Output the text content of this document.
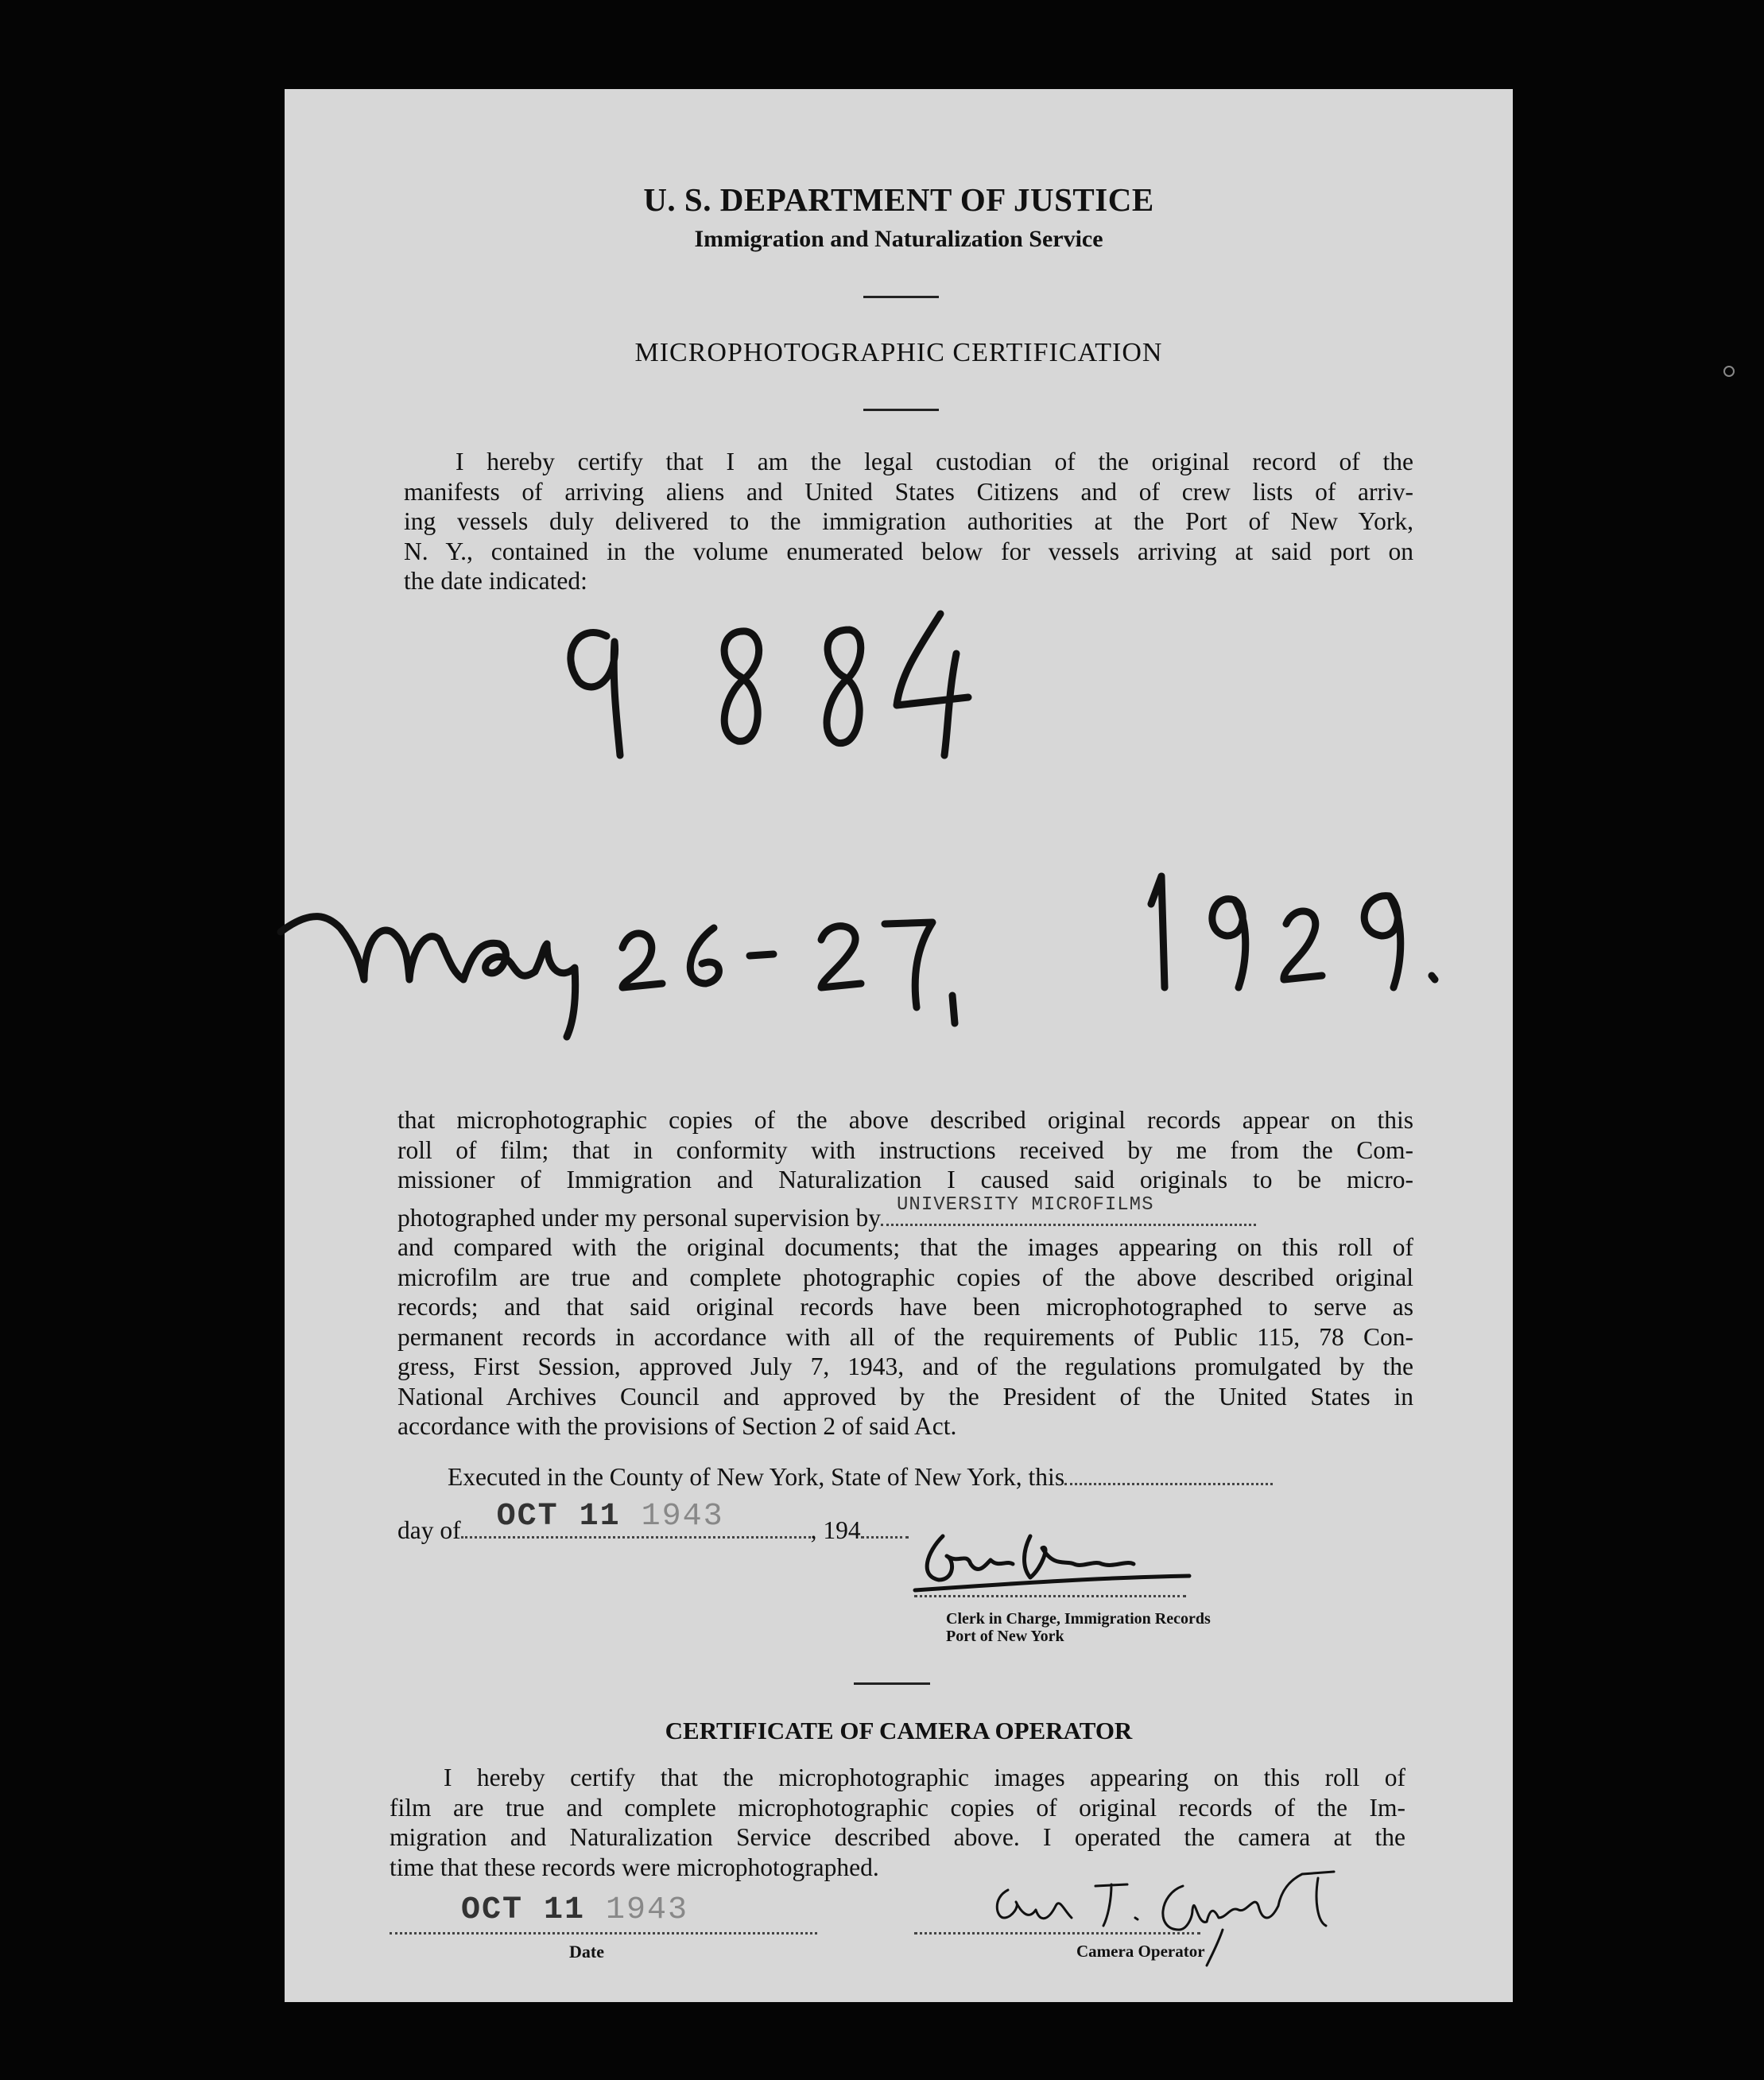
U. S. DEPARTMENT OF JUSTICE
Immigration and Naturalization Service
MICROPHOTOGRAPHIC CERTIFICATION
I hereby certify that I am the legal custodian of the original record of the
manifests of arriving aliens and United States Citizens and of crew lists of arriv-
ing vessels duly delivered to the immigration authorities at the Port of New York,
N. Y., contained in the volume enumerated below for vessels arriving at said port on
the date indicated:
that microphotographic copies of the above described original records appear on this
roll of film; that in conformity with instructions received by me from the Com-
missioner of Immigration and Naturalization I caused said originals to be micro-
photographed under my personal supervision by UNIVERSITY MICROFILMS
and compared with the original documents; that the images appearing on this roll of
microfilm are true and complete photographic copies of the above described original
records; and that said original records have been microphotographed to serve as
permanent records in accordance with all of the requirements of Public 115, 78 Con-
gress, First Session, approved July 7, 1943, and of the regulations promulgated by the
National Archives Council and approved by the President of the United States in
accordance with the provisions of Section 2 of said Act.
Executed in the County of New York, State of New York, this
day of OCT 11 1943	, 194
Clerk in Charge, Immigration Records
Port of New York
CERTIFICATE OF CAMERA OPERATOR
I hereby certify that the microphotographic images appearing on this roll of
film are true and complete microphotographic copies of original records of the Im-
migration and Naturalization Service described above. I operated the camera at the
time that these records were microphotographed.
OCT 11 1943
Date	Camera Operator
